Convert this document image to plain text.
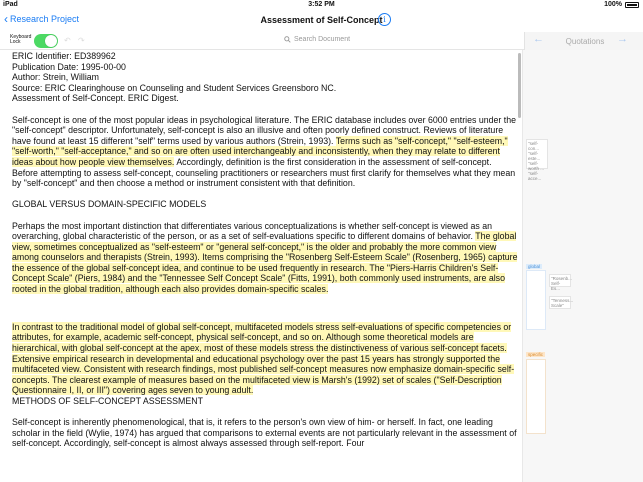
iPad	3:52 PM	100%
‹ Research Project	Assessment of Self-Concept i
Keyboard
Lock	↶ ↷	Search Document	←	Quotations	→

ERIC Identifier: ED389962
Publication Date: 1995-00-00
Author: Strein, William
Source: ERIC Clearinghouse on Counseling and Student Services Greensboro NC.
Assessment of Self-Concept. ERIC Digest.

Self-concept is one of the most popular ideas in psychological literature. The ERIC database includes over 6000 entries under the "self-concept" descriptor. Unfortunately, self-concept is also an illusive and often poorly defined construct. Reviews of literature have found at least 15 different "self" terms used by various authors (Strein, 1993). Terms such as "self-concept," "self-esteem," "self-worth," "self-acceptance," and so on are often used interchangeably and inconsistently, when they may relate to different ideas about how people view themselves. Accordingly, definition is the first consideration in the assessment of self-concept. Before attempting to assess self-concept, counseling practitioners or researchers must first clarify for themselves what they mean by "self-concept" and then choose a method or instrument consistent with that definition.

GLOBAL VERSUS DOMAIN-SPECIFIC MODELS

Perhaps the most important distinction that differentiates various conceptualizations is whether self-concept is viewed as an overarching, global characteristic of the person, or as a set of self-evaluations specific to different domains of behavior. The global view, sometimes conceptualized as "self-esteem" or "general self-concept," is the older and probably the more common view among counselors and therapists (Strein, 1993). Items comprising the "Rosenberg Self-Esteem Scale" (Rosenberg, 1965) capture the essence of the global self-concept idea, and continue to be used frequently in research. The "Piers-Harris Children's Self-Concept Scale" (Piers, 1984) and the "Tennessee Self Concept Scale" (Fitts, 1991), both commonly used instruments, are also rooted in the global tradition, although each also provides domain-specific scales.

In contrast to the traditional model of global self-concept, multifaceted models stress self-evaluations of specific competencies or attributes, for example, academic self-concept, physical self-concept, and so on. Although some theoretical models are hierarchical, with global self-concept at the apex, most of these models stress the distinctiveness of various self-concept facets. Extensive empirical research in developmental and educational psychology over the past 15 years has strongly supported the multifaceted view. Consistent with research findings, most published self-concept measures now emphasize domain-specific self-concepts. The clearest example of measures based on the multifaceted view is Marsh's (1992) set of scales ("Self-Description Questionnaire I, II, or III") covering ages seven to young adult.

METHODS OF SELF-CONCEPT ASSESSMENT

Self-concept is inherently phenomenological, that is, it refers to the person's own view of him- or herself. In fact, one leading scholar in the field (Wylie, 1974) has argued that comparisons to external events are not particularly relevant in the assessment of self-concept. Accordingly, self-concept is almost always assessed through self-report. Four

"self-con... "self-este... "self-worth ... "self-acce...
global
"Rosenb... Self-Es...
"Tenness... Scale"
specific
